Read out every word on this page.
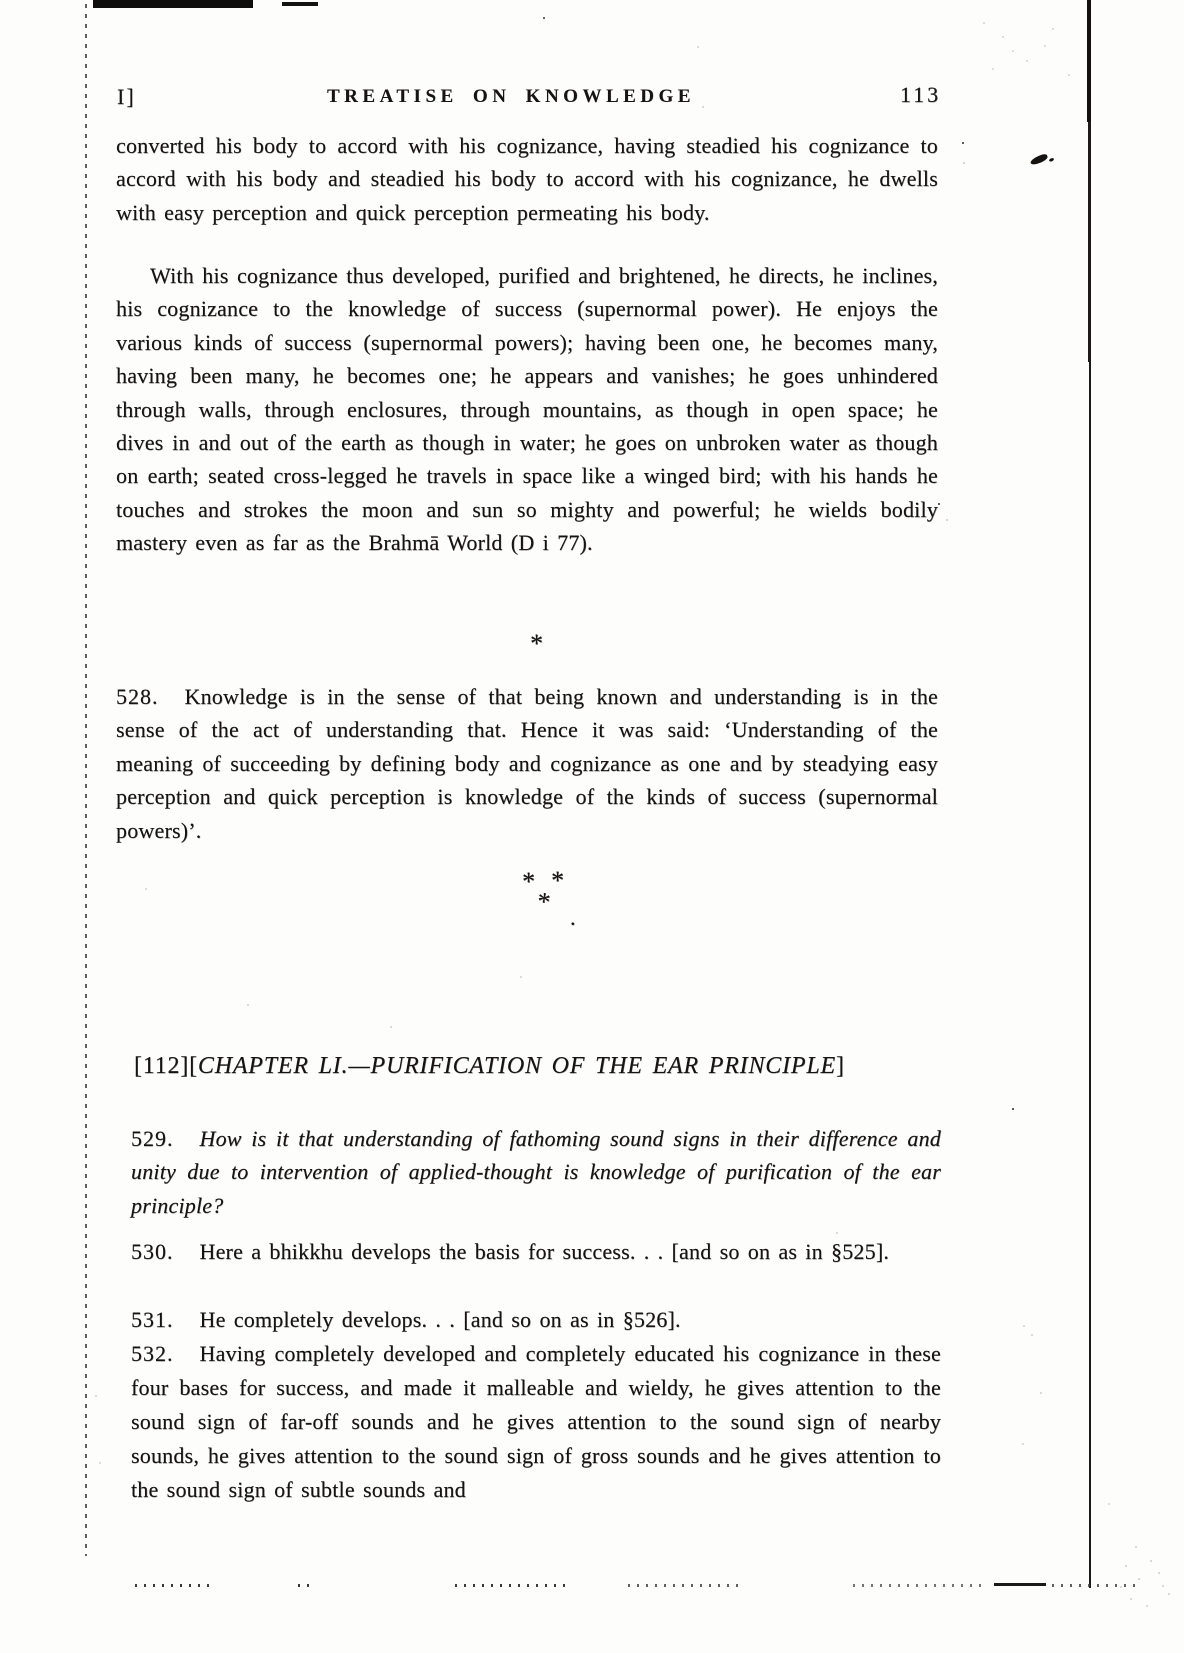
I]	TREATISE ON KNOWLEDGE	113
converted his body to accord with his cognizance, having steadied his cognizance to accord with his body and steadied his body to accord with his cognizance, he dwells with easy perception and quick perception permeating his body.
With his cognizance thus developed, purified and brightened, he directs, he inclines, his cognizance to the knowledge of success (supernormal power). He enjoys the various kinds of success (supernormal powers); having been one, he becomes many, having been many, he becomes one; he appears and vanishes; he goes unhindered through walls, through enclosures, through mountains, as though in open space; he dives in and out of the earth as though in water; he goes on unbroken water as though on earth; seated cross-legged he travels in space like a winged bird; with his hands he touches and strokes the moon and sun so mighty and powerful; he wields bodily mastery even as far as the Brahmā World (D i 77).
*
528. Knowledge is in the sense of that being known and understanding is in the sense of the act of understanding that. Hence it was said: ‘Understanding of the meaning of succeeding by defining body and cognizance as one and by steadying easy perception and quick perception is knowledge of the kinds of success (supernormal powers)’.
* *
*
.
[112][CHAPTER LI.—PURIFICATION OF THE EAR PRINCIPLE]
529. How is it that understanding of fathoming sound signs in their difference and unity due to intervention of applied-thought is knowledge of purification of the ear principle?
530. Here a bhikkhu develops the basis for success. . . [and so on as in §525].
531. He completely develops. . . [and so on as in §526].
532. Having completely developed and completely educated his cognizance in these four bases for success, and made it malleable and wieldy, he gives attention to the sound sign of far-off sounds and he gives attention to the sound sign of nearby sounds, he gives attention to the sound sign of gross sounds and he gives attention to the sound sign of subtle sounds and
